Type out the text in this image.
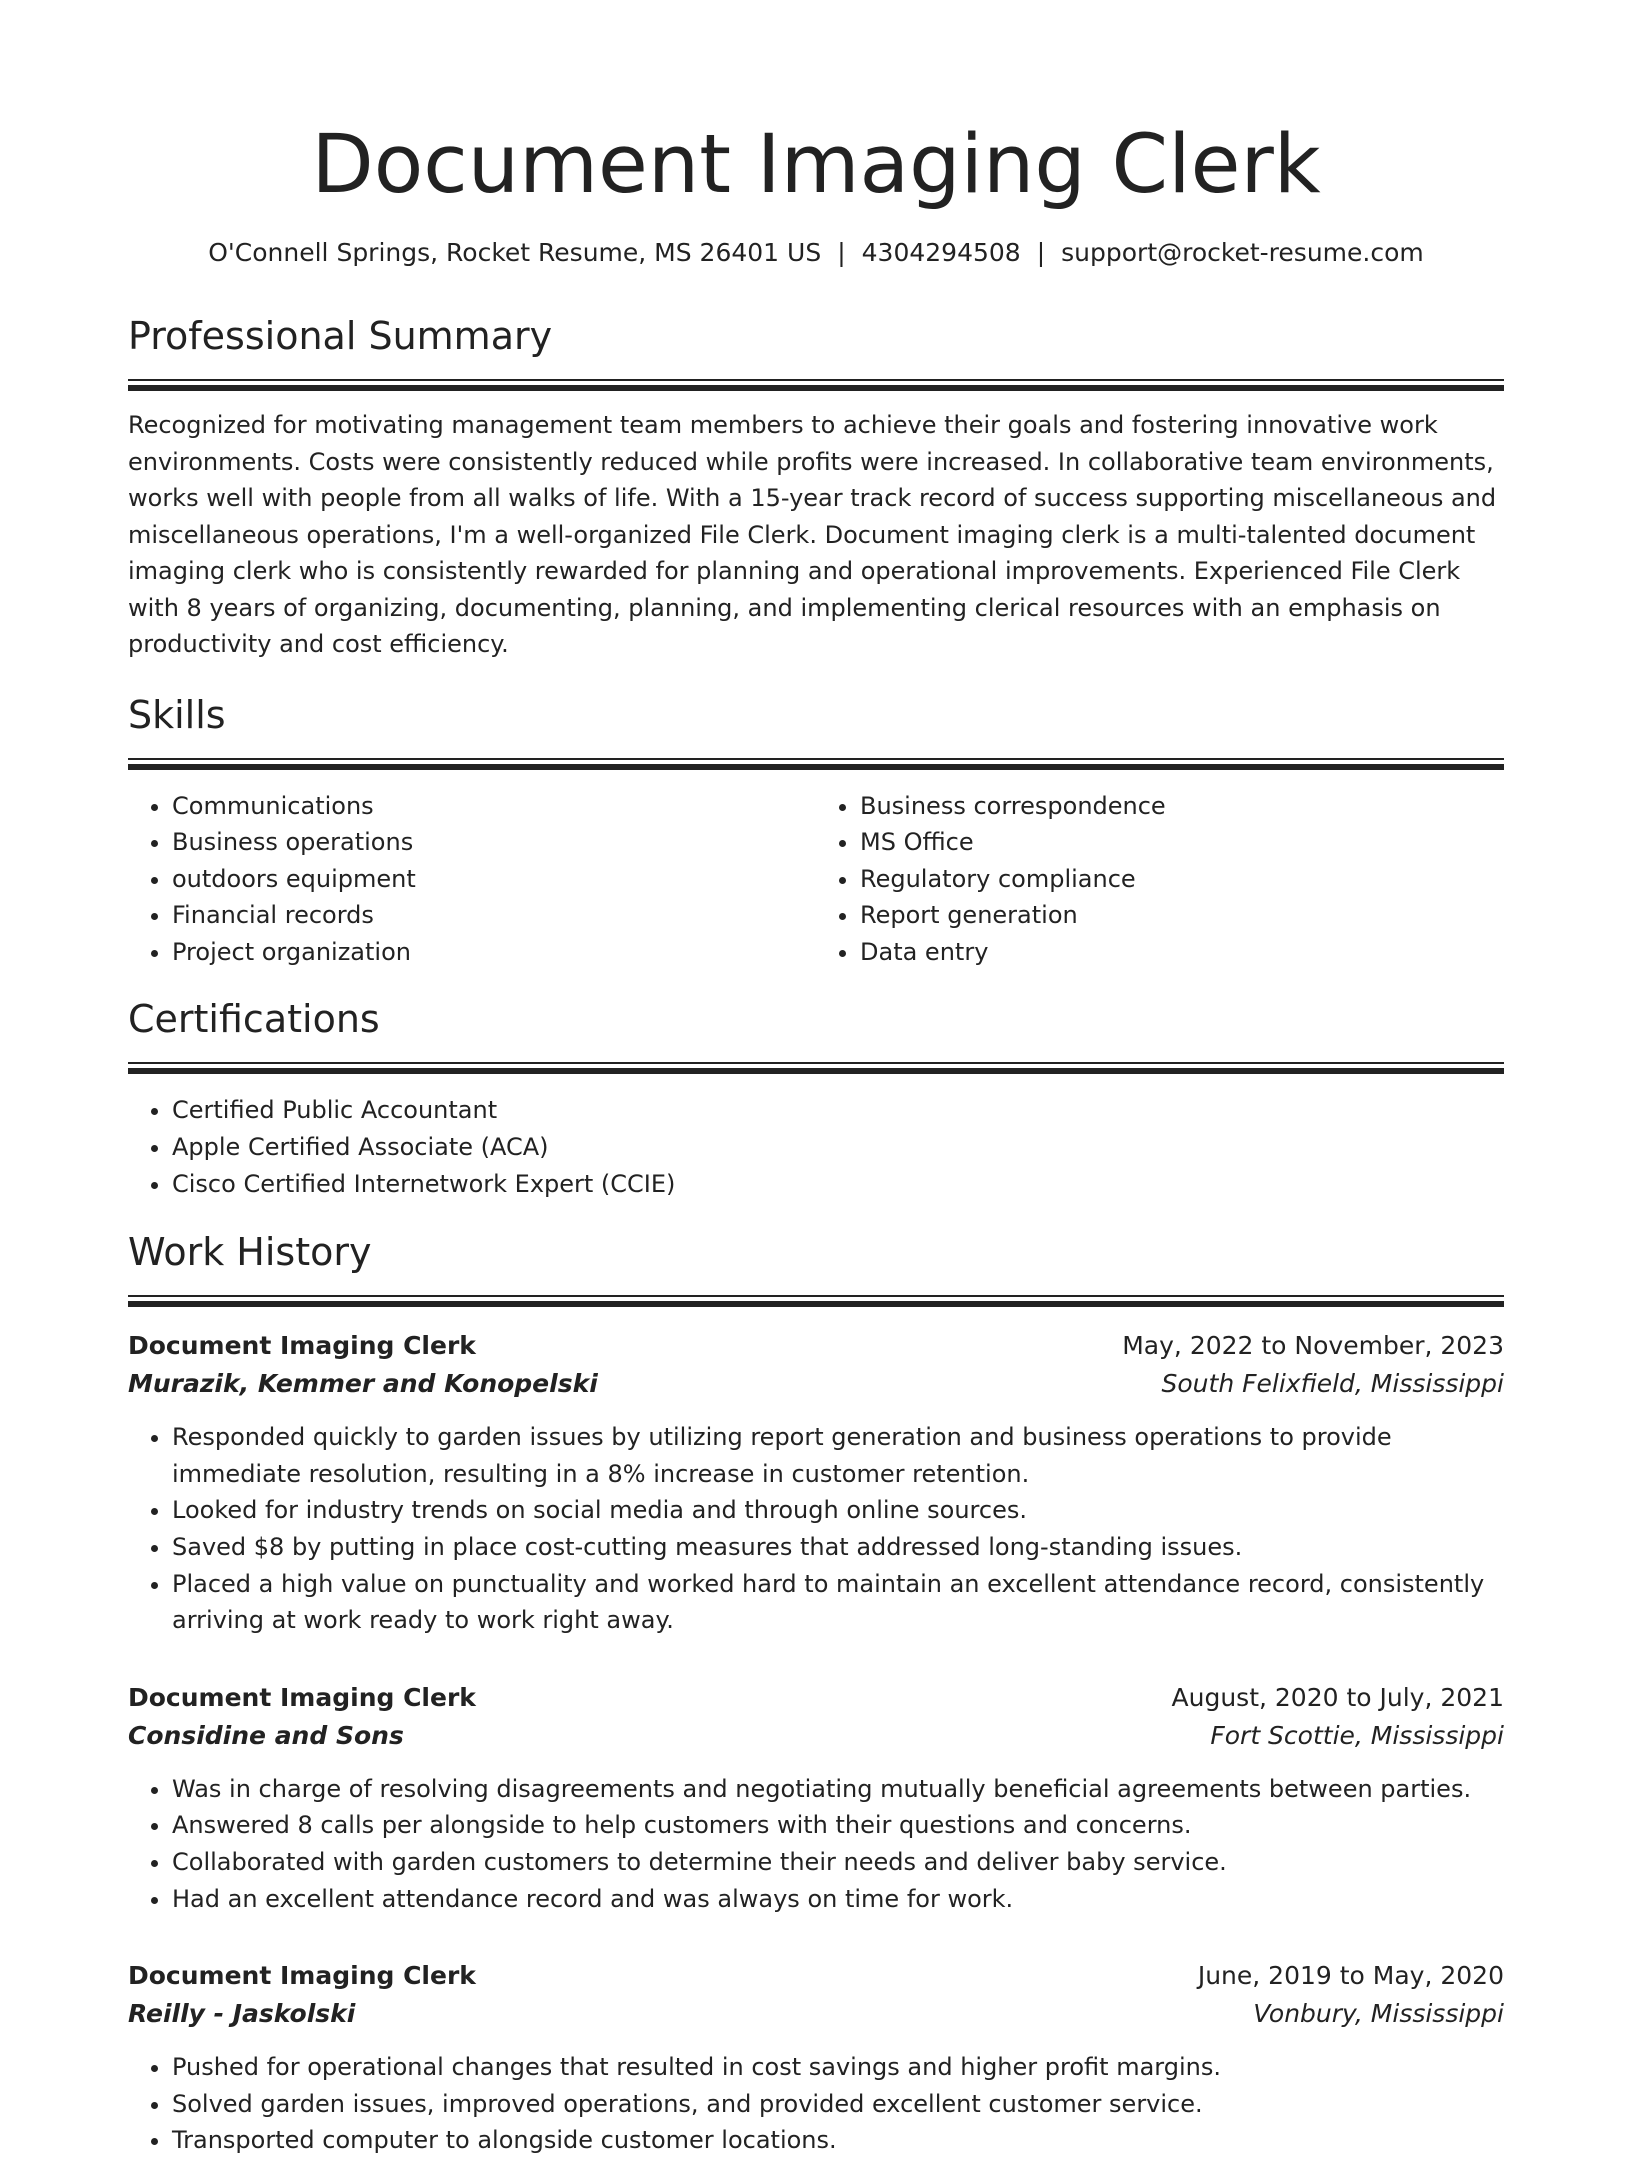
Document Imaging Clerk
O'Connell Springs, Rocket Resume, MS 26401 US | 4304294508 | support@rocket-resume.com
Professional Summary

Recognized for motivating management team members to achieve their goals and fostering innovative work environments. Costs were consistently reduced while profits were increased. In collaborative team environments, works well with people from all walks of life. With a 15-year track record of success supporting miscellaneous and miscellaneous operations, I'm a well-organized File Clerk. Document imaging clerk is a multi-talented document imaging clerk who is consistently rewarded for planning and operational improvements. Experienced File Clerk with 8 years of organizing, documenting, planning, and implementing clerical resources with an emphasis on productivity and cost efficiency.

Skills
• Communications
• Business operations
• outdoors equipment
• Financial records
• Project organization
• Business correspondence
• MS Office
• Regulatory compliance
• Report generation
• Data entry
Certifications
• Certified Public Accountant
• Apple Certified Associate (ACA)
• Cisco Certified Internetwork Expert (CCIE)
Work History
Document Imaging Clerk	May, 2022 to November, 2023
Murazik, Kemmer and Konopelski	South Felixfield, Mississippi
• Responded quickly to garden issues by utilizing report generation and business operations to provide immediate resolution, resulting in a 8% increase in customer retention.
• Looked for industry trends on social media and through online sources.
• Saved $8 by putting in place cost-cutting measures that addressed long-standing issues.
• Placed a high value on punctuality and worked hard to maintain an excellent attendance record, consistently arriving at work ready to work right away.
Document Imaging Clerk	August, 2020 to July, 2021
Considine and Sons	Fort Scottie, Mississippi
• Was in charge of resolving disagreements and negotiating mutually beneficial agreements between parties.
• Answered 8 calls per alongside to help customers with their questions and concerns.
• Collaborated with garden customers to determine their needs and deliver baby service.
• Had an excellent attendance record and was always on time for work.
Document Imaging Clerk	June, 2019 to May, 2020
Reilly - Jaskolski	Vonbury, Mississippi
• Pushed for operational changes that resulted in cost savings and higher profit margins.
• Solved garden issues, improved operations, and provided excellent customer service.
• Transported computer to alongside customer locations.
